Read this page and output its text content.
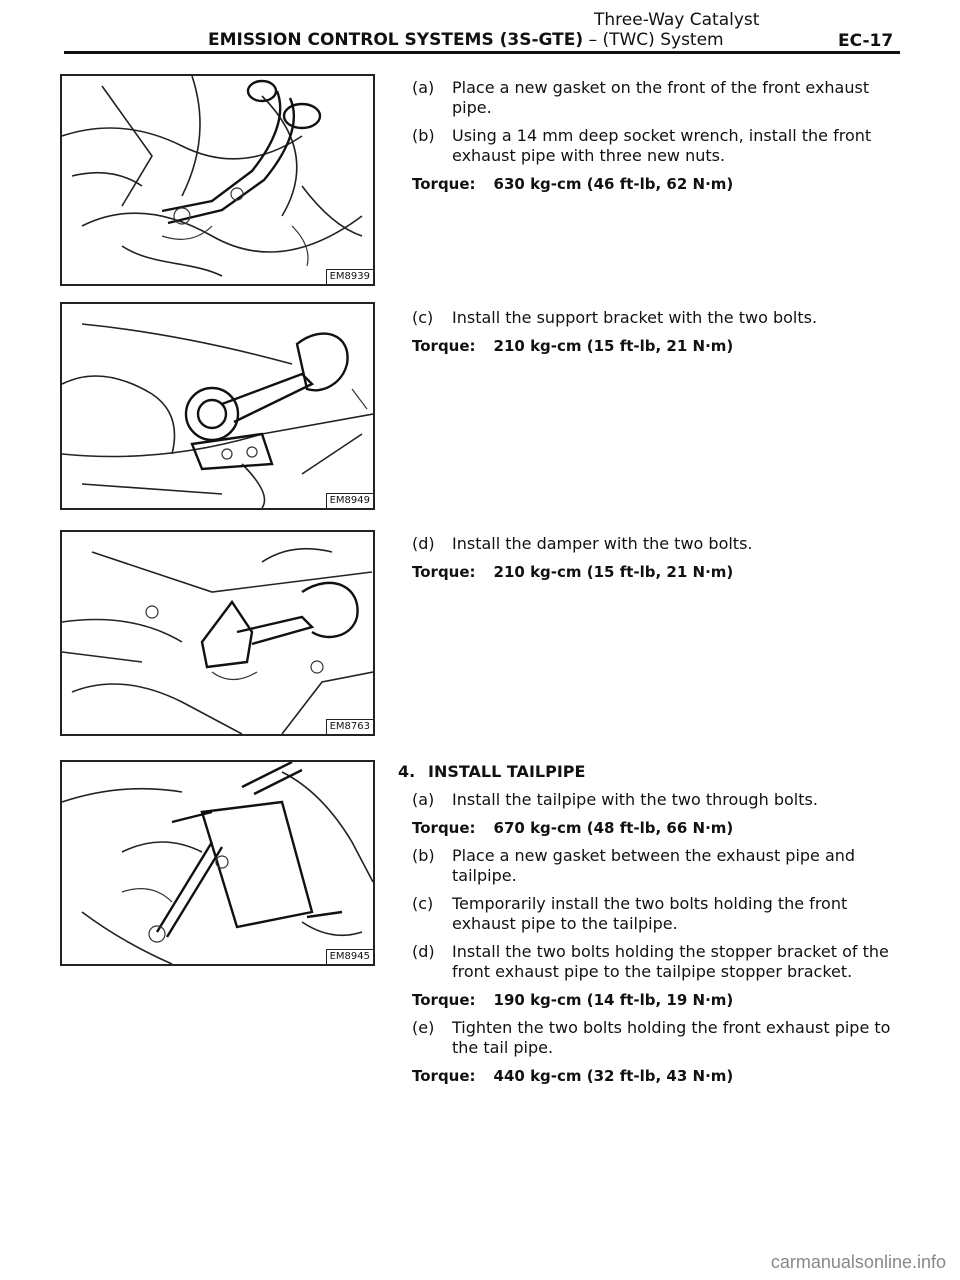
Three-Way Catalyst
EMISSION CONTROL SYSTEMS (3S-GTE) – (TWC) System	EC-17
EM8939
EM8949
EM8763
EM8945
(a) Place a new gasket on the front of the front exhaust pipe.
(b) Using a 14 mm deep socket wrench, install the front exhaust pipe with three new nuts.
Torque: 630 kg-cm (46 ft-lb, 62 N·m)
(c) Install the support bracket with the two bolts.
Torque: 210 kg-cm (15 ft-lb, 21 N·m)
(d) Install the damper with the two bolts.
Torque: 210 kg-cm (15 ft-lb, 21 N·m)
4. INSTALL TAILPIPE
(a) Install the tailpipe with the two through bolts.
Torque: 670 kg-cm (48 ft-lb, 66 N·m)
(b) Place a new gasket between the exhaust pipe and tailpipe.
(c) Temporarily install the two bolts holding the front exhaust pipe to the tailpipe.
(d) Install the two bolts holding the stopper bracket of the front exhaust pipe to the tailpipe stopper bracket.
Torque: 190 kg-cm (14 ft-lb, 19 N·m)
(e) Tighten the two bolts holding the front exhaust pipe to the tail pipe.
Torque: 440 kg-cm (32 ft-lb, 43 N·m)
carmanualsonline.info
